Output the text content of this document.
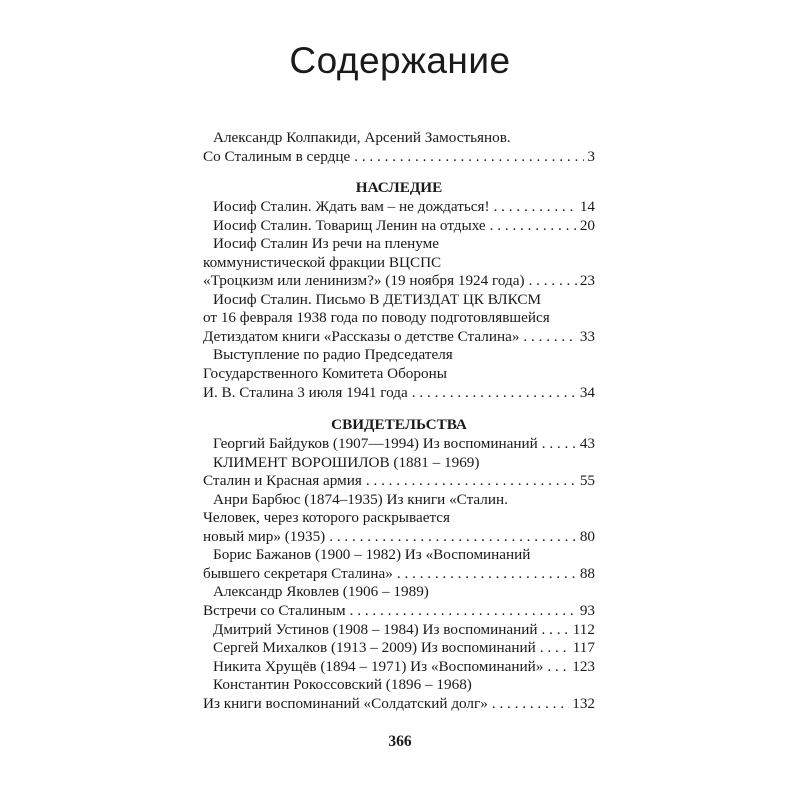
Содержание
Александр Колпакиди, Арсений Замостьянов.
Со Сталиным в сердце . . .	3
НАСЛЕДИЕ
Иосиф Сталин. Ждать вам – не дождаться! . . .	14
Иосиф Сталин. Товарищ Ленин на отдыхе . . .	20
Иосиф Сталин Из речи на пленуме
коммунистической фракции ВЦСПС
«Троцкизм или ленинизм?» (19 ноября 1924 года) . . .	23
Иосиф Сталин. Письмо В ДЕТИЗДАТ ЦК ВЛКСМ
от 16 февраля 1938 года по поводу подготовлявшейся
Детиздатом книги «Рассказы о детстве Сталина» . . .	33
Выступление по радио Председателя
Государственного Комитета Обороны
И. В. Сталина 3 июля 1941 года . . .	34
СВИДЕТЕЛЬСТВА
Георгий Байдуков (1907—1994) Из воспоминаний . . .	43
КЛИМЕНТ ВОРОШИЛОВ (1881 – 1969)
Сталин и Красная армия . . .	55
Анри Барбюс (1874–1935) Из книги «Сталин.
Человек, через которого раскрывается
новый мир» (1935) . . .	80
Борис Бажанов (1900 – 1982) Из «Воспоминаний
бывшего секретаря Сталина» . . .	88
Александр Яковлев (1906 – 1989)
Встречи со Сталиным . . .	93
Дмитрий Устинов (1908 – 1984) Из воспоминаний . . . 112
Сергей Михалков (1913 – 2009) Из воспоминаний . . . 117
Никита Хрущёв (1894 – 1971) Из «Воспоминаний» . . . 123
Константин Рокоссовский (1896 – 1968)
Из книги воспоминаний «Солдатский долг» . . .	132
366
